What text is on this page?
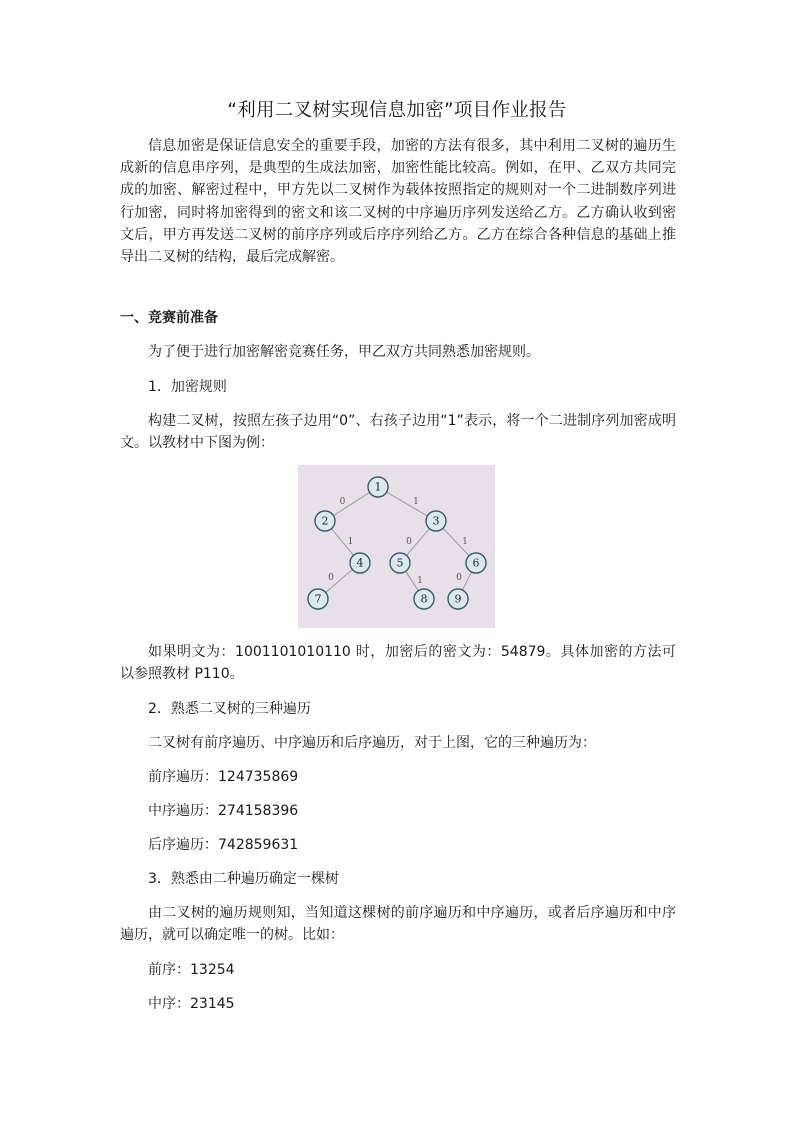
“利用二叉树实现信息加密”项目作业报告

信息加密是保证信息安全的重要手段，加密的方法有很多，其中利用二叉树的遍历生成新的信息串序列，是典型的生成法加密，加密性能比较高。例如，在甲、乙双方共同完成的加密、解密过程中，甲方先以二叉树作为载体按照指定的规则对一个二进制数序列进行加密，同时将加密得到的密文和该二叉树的中序遍历序列发送给乙方。乙方确认收到密文后，甲方再发送二叉树的前序序列或后序序列给乙方。乙方在综合各种信息的基础上推导出二叉树的结构，最后完成解密。

一、竞赛前准备

为了便于进行加密解密竞赛任务，甲乙双方共同熟悉加密规则。

1．加密规则

构建二叉树，按照左孩子边用“0”、右孩子边用“1”表示，将一个二进制序列加密成明文。以教材中下图为例：

0	1
1
0
0	1
1	0
1
2	3
4	5	6
7	8 9

如果明文为：1001101010110 时，加密后的密文为：54879。具体加密的方法可以参照教材 P110。

2．熟悉二叉树的三种遍历

二叉树有前序遍历、中序遍历和后序遍历，对于上图，它的三种遍历为：

前序遍历：124735869

中序遍历：274158396

后序遍历：742859631

3．熟悉由二种遍历确定一棵树

由二叉树的遍历规则知，当知道这棵树的前序遍历和中序遍历，或者后序遍历和中序遍历，就可以确定唯一的树。比如：

前序：13254

中序：23145
